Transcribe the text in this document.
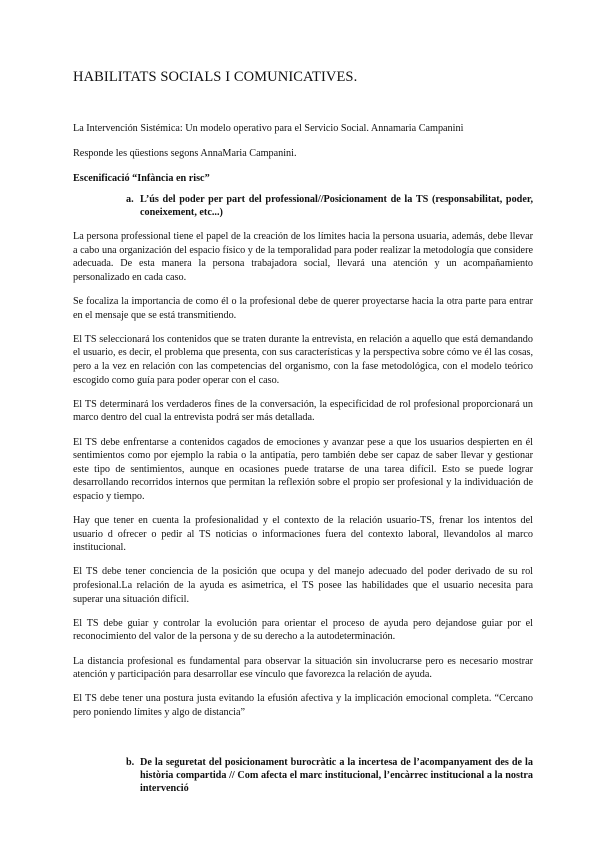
HABILITATS SOCIALS I COMUNICATIVES.
La Intervención Sistémica: Un modelo operativo para el Servicio Social. Annamaria Campanini
Responde les qüestions segons AnnaMaria Campanini.
Escenificació “Infància en risc”
a. L’ús del poder per part del professional//Posicionament de la TS (responsabilitat, poder, coneixement, etc...)

La persona professional tiene el papel de la creación de los límites hacia la persona usuaria, además, debe llevar a cabo una organización del espacio físico y de la temporalidad para poder realizar la metodología que considere adecuada. De esta manera la persona trabajadora social, llevará una atención y un acompañamiento personalizado en cada caso.

Se focaliza la importancia de como él o la profesional debe de querer proyectarse hacia la otra parte para entrar en el mensaje que se está transmitiendo.

El TS seleccionará los contenidos que se traten durante la entrevista, en relación a aquello que está demandando el usuario, es decir, el problema que presenta, con sus características y la perspectiva sobre cómo ve él las cosas, pero a la vez en relación con las competencias del organismo, con la fase metodológica, con el modelo teórico escogido como guía para poder operar con el caso.

El TS determinará los verdaderos fines de la conversación, la especificidad de rol profesional proporcionará un marco dentro del cual la entrevista podrá ser más detallada.

El TS debe enfrentarse a contenidos cagados de emociones y avanzar pese a que los usuarios despierten en él sentimientos como por ejemplo la rabia o la antipatía, pero también debe ser capaz de saber llevar y gestionar este tipo de sentimientos, aunque en ocasiones puede tratarse de una tarea difícil. Esto se puede lograr desarrollando recorridos internos que permitan la reflexión sobre el propio ser profesional y la individuación de espacio y tiempo.

Hay que tener en cuenta la profesionalidad y el contexto de la relación usuario-TS, frenar los intentos del usuario d ofrecer o pedir al TS noticias o informaciones fuera del contexto laboral, llevandolos al marco institucional.

El TS debe tener conciencia de la posición que ocupa y del manejo adecuado del poder derivado de su rol profesional.La relación de la ayuda es asimetrica, el TS posee las habilidades que el usuario necesita para superar una situación difícil.

El TS debe guiar y controlar la evolución para orientar el proceso de ayuda pero dejandose guiar por el reconocimiento del valor de la persona y de su derecho a la autodeterminación.

La distancia profesional es fundamental para observar la situación sin involucrarse pero es necesario mostrar atención y participación para desarrollar ese vínculo que favorezca la relación de ayuda.

El TS debe tener una postura justa evitando la efusión afectiva y la implicación emocional completa. “Cercano pero poniendo límites y algo de distancia”

b. De la seguretat del posicionament burocràtic a la incertesa de l’acompanyament des de la història compartida // Com afecta el marc institucional, l’encàrrec institucional a la nostra intervenció
